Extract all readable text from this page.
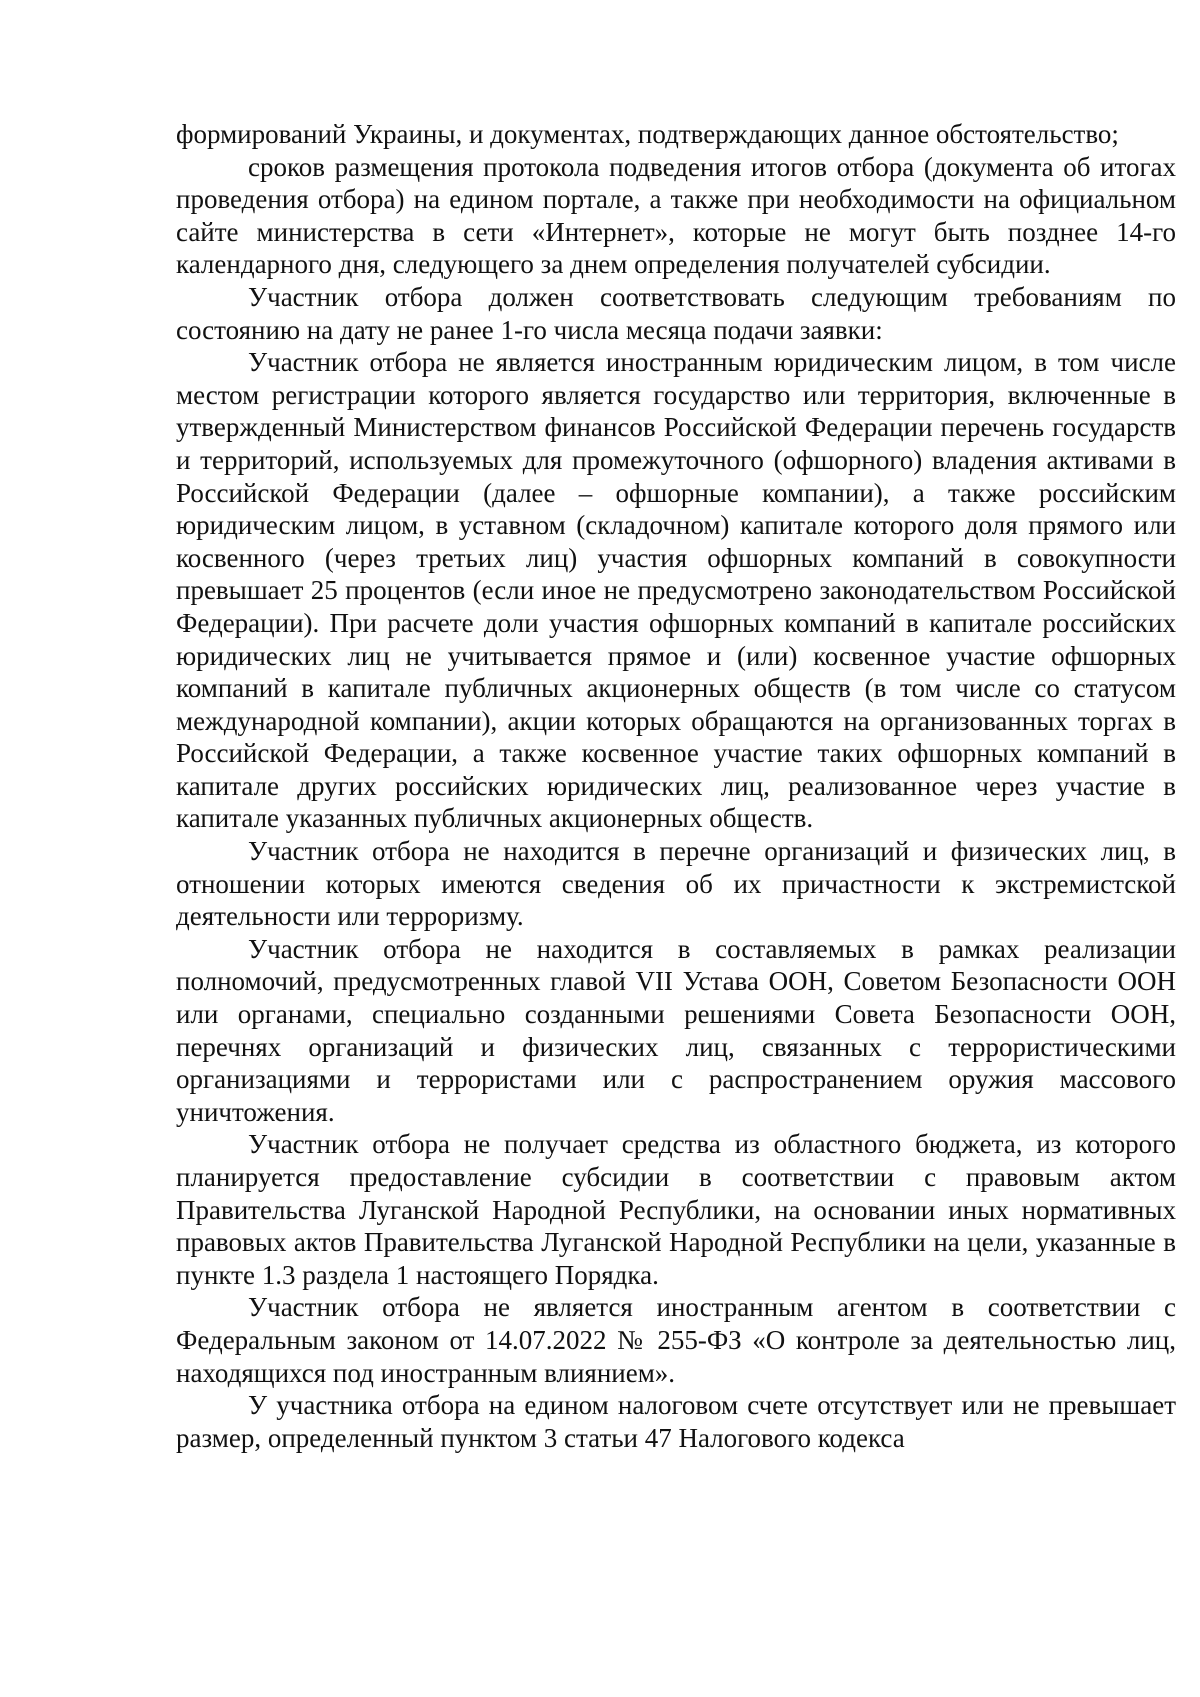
формирований Украины, и документах, подтверждающих данное обстоятельство;

сроков размещения протокола подведения итогов отбора (документа об итогах проведения отбора) на едином портале, а также при необходимости на официальном сайте министерства в сети «Интернет», которые не могут быть позднее 14-го календарного дня, следующего за днем определения получателей субсидии.

Участник отбора должен соответствовать следующим требованиям по состоянию на дату не ранее 1-го числа месяца подачи заявки:

Участник отбора не является иностранным юридическим лицом, в том числе местом регистрации которого является государство или территория, включенные в утвержденный Министерством финансов Российской Федерации перечень государств и территорий, используемых для промежуточного (офшорного) владения активами в Российской Федерации (далее – офшорные компании), а также российским юридическим лицом, в уставном (складочном) капитале которого доля прямого или косвенного (через третьих лиц) участия офшорных компаний в совокупности превышает 25 процентов (если иное не предусмотрено законодательством Российской Федерации). При расчете доли участия офшорных компаний в капитале российских юридических лиц не учитывается прямое и (или) косвенное участие офшорных компаний в капитале публичных акционерных обществ (в том числе со статусом международной компании), акции которых обращаются на организованных торгах в Российской Федерации, а также косвенное участие таких офшорных компаний в капитале других российских юридических лиц, реализованное через участие в капитале указанных публичных акционерных обществ.

Участник отбора не находится в перечне организаций и физических лиц, в отношении которых имеются сведения об их причастности к экстремистской деятельности или терроризму.

Участник отбора не находится в составляемых в рамках реализации полномочий, предусмотренных главой VII Устава ООН, Советом Безопасности ООН или органами, специально созданными решениями Совета Безопасности ООН, перечнях организаций и физических лиц, связанных с террористическими организациями и террористами или с распространением оружия массового уничтожения.

Участник отбора не получает средства из областного бюджета, из которого планируется предоставление субсидии в соответствии с правовым актом Правительства Луганской Народной Республики, на основании иных нормативных правовых актов Правительства Луганской Народной Республики на цели, указанные в пункте 1.3 раздела 1 настоящего Порядка.

Участник отбора не является иностранным агентом в соответствии с Федеральным законом от 14.07.2022 № 255-ФЗ «О контроле за деятельностью лиц, находящихся под иностранным влиянием».

У участника отбора на едином налоговом счете отсутствует или не превышает размер, определенный пунктом 3 статьи 47 Налогового кодекса
